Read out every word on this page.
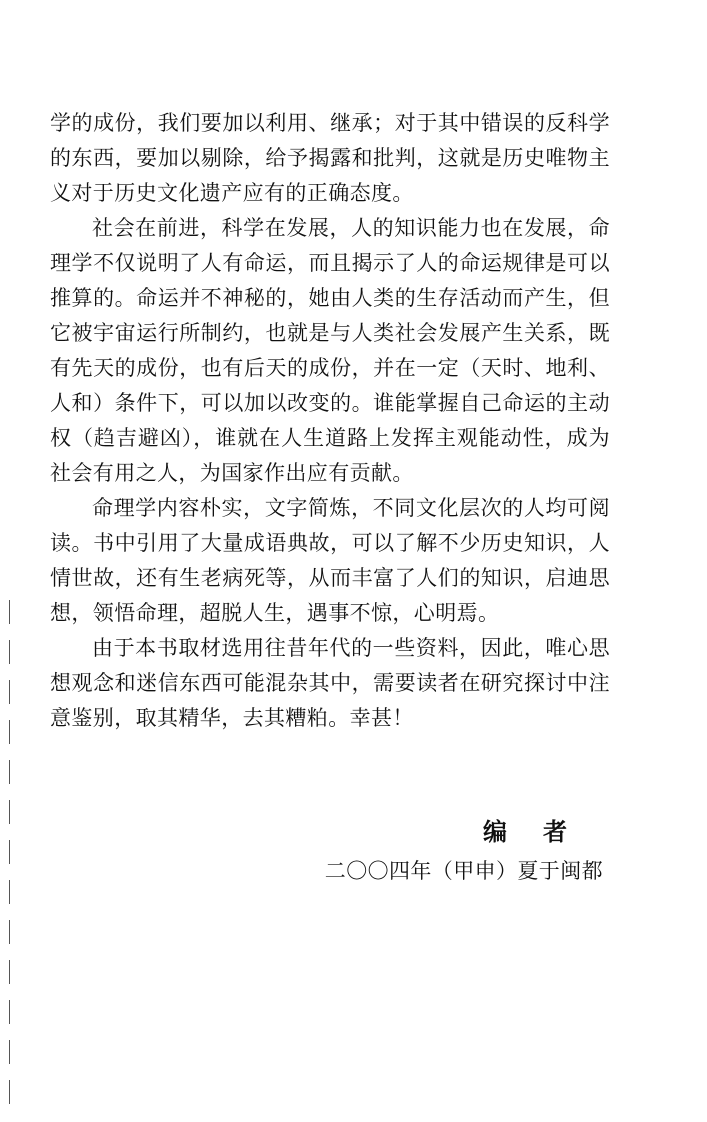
学的成份，我们要加以利用、继承；对于其中错误的反科学的东西，要加以剔除，给予揭露和批判，这就是历史唯物主义对于历史文化遗产应有的正确态度。

社会在前进，科学在发展，人的知识能力也在发展，命理学不仅说明了人有命运，而且揭示了人的命运规律是可以推算的。命运并不神秘的，她由人类的生存活动而产生，但它被宇宙运行所制约，也就是与人类社会发展产生关系，既有先天的成份，也有后天的成份，并在一定（天时、地利、人和）条件下，可以加以改变的。谁能掌握自己命运的主动权（趋吉避凶），谁就在人生道路上发挥主观能动性，成为社会有用之人，为国家作出应有贡献。

命理学内容朴实，文字简炼，不同文化层次的人均可阅读。书中引用了大量成语典故，可以了解不少历史知识，人情世故，还有生老病死等，从而丰富了人们的知识，启迪思想，领悟命理，超脱人生，遇事不惊，心明焉。

由于本书取材选用往昔年代的一些资料，因此，唯心思想观念和迷信东西可能混杂其中，需要读者在研究探讨中注意鉴别，取其精华，去其糟粕。幸甚！

编者
二〇〇四年（甲申）夏于闽都
